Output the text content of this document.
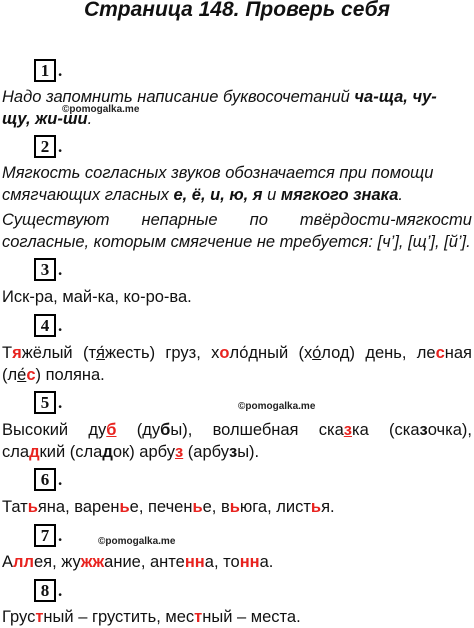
Страница 148. Проверь себя
1 .
Надо запомнить написание буквосочетаний ча-ща, чу-
©pomogalka.me
щу, жи-ши.
2 .
Мягкость согласных звуков обозначается при помощи
смягчающих гласных е, ё, и, ю, я и мягкого знака.
Существуют непарные по твёрдости-мягкости
согласные, которым смягчение не требуется: [ч’], [щ’], [й’].
3 .
Иск-ра, май-ка, ко-ро-ва.
4 .
Тяжёлый (тя́жесть) груз, холо́дный (хо́лод) день, лесная
(ле́с) поляна.
5 .	©pomogalka.me
Высокий дуб (дубы), волшебная сказка (сказочка),
сладкий (сладок) арбуз (арбузы).
6 .
Татьяна, варенье, печенье, вьюга, листья.
7 .	©pomogalka.me
Аллея, жужжание, антенна, тонна.
8 .
Грустный – грустить, местный – места.
